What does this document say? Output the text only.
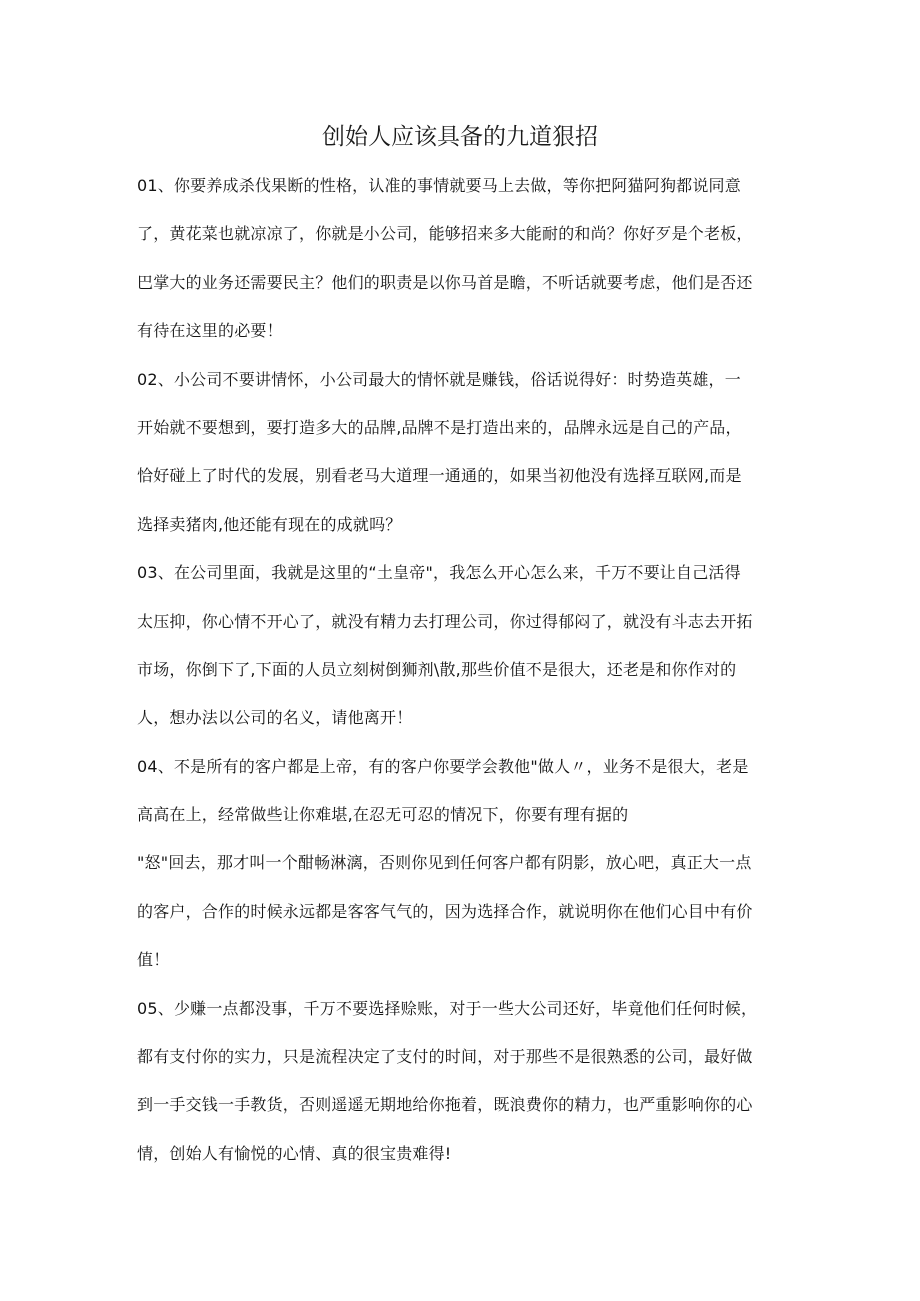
创始人应该具备的九道狠招
01、你要养成杀伐果断的性格，认准的事情就要马上去做，等你把阿猫阿狗都说同意
了，黄花菜也就凉凉了，你就是小公司，能够招来多大能耐的和尚？你好歹是个老板，
巴掌大的业务还需要民主？他们的职责是以你马首是瞻，不听话就要考虑，他们是否还
有待在这里的必要！
02、小公司不要讲情怀，小公司最大的情怀就是赚钱，俗话说得好：时势造英雄，一
开始就不要想到，要打造多大的品牌,品牌不是打造出来的，品牌永远是自己的产品，
恰好碰上了时代的发展，别看老马大道理一通通的，如果当初他没有选择互联网,而是
选择卖猪肉,他还能有现在的成就吗？
03、在公司里面，我就是这里的“土皇帝"，我怎么开心怎么来，千万不要让自己活得
太压抑，你心情不开心了，就没有精力去打理公司，你过得郁闷了，就没有斗志去开拓
市场，你倒下了,下面的人员立刻树倒狮剂\散,那些价值不是很大，还老是和你作对的
人，想办法以公司的名义，请他离开！
04、不是所有的客户都是上帝，有的客户你要学会教他"做人〃，业务不是很大，老是
高高在上，经常做些让你难堪,在忍无可忍的情况下，你要有理有据的
"怒"回去，那才叫一个酣畅淋漓，否则你见到任何客户都有阴影，放心吧，真正大一点
的客户，合作的时候永远都是客客气气的，因为选择合作，就说明你在他们心目中有价
值！
05、少赚一点都没事，千万不要选择赊账，对于一些大公司还好，毕竟他们任何时候，
都有支付你的实力，只是流程决定了支付的时间，对于那些不是很熟悉的公司，最好做
到一手交钱一手教货，否则遥遥无期地给你拖着，既浪费你的精力，也严重影响你的心
情，创始人有愉悦的心情、真的很宝贵难得!
